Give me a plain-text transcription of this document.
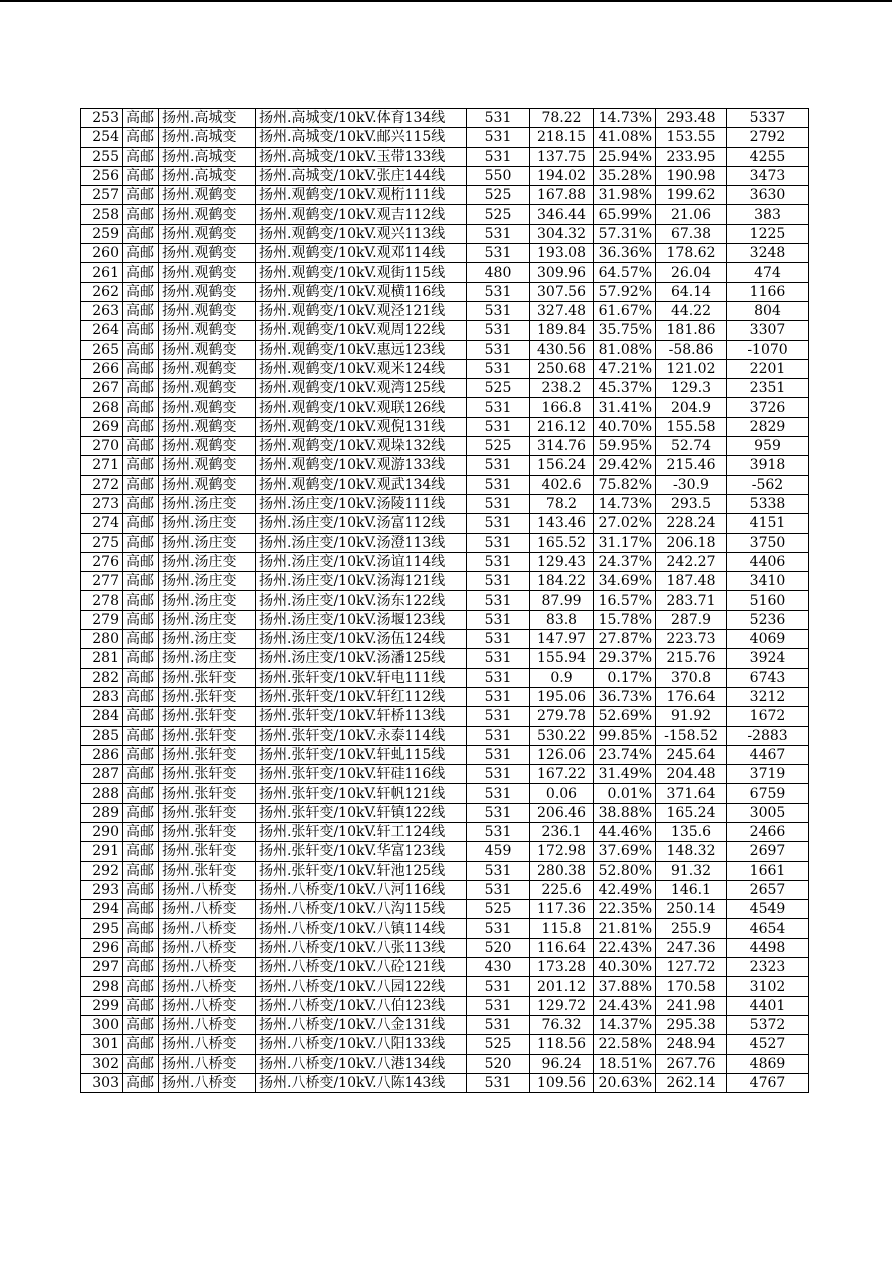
253	高邮	扬州.高城变	扬州.高城变/10kV.体育134线	531	78.22	14.73%	293.48	5337
254	高邮	扬州.高城变	扬州.高城变/10kV.邮兴115线	531	218.15	41.08%	153.55	2792
255	高邮	扬州.高城变	扬州.高城变/10kV.玉带133线	531	137.75	25.94%	233.95	4255
256	高邮	扬州.高城变	扬州.高城变/10kV.张庄144线	550	194.02	35.28%	190.98	3473
257	高邮	扬州.观鹤变	扬州.观鹤变/10kV.观桁111线	525	167.88	31.98%	199.62	3630
258	高邮	扬州.观鹤变	扬州.观鹤变/10kV.观吉112线	525	346.44	65.99%	21.06	383
259	高邮	扬州.观鹤变	扬州.观鹤变/10kV.观兴113线	531	304.32	57.31%	67.38	1225
260	高邮	扬州.观鹤变	扬州.观鹤变/10kV.观邓114线	531	193.08	36.36%	178.62	3248
261	高邮	扬州.观鹤变	扬州.观鹤变/10kV.观街115线	480	309.96	64.57%	26.04	474
262	高邮	扬州.观鹤变	扬州.观鹤变/10kV.观横116线	531	307.56	57.92%	64.14	1166
263	高邮	扬州.观鹤变	扬州.观鹤变/10kV.观泾121线	531	327.48	61.67%	44.22	804
264	高邮	扬州.观鹤变	扬州.观鹤变/10kV.观周122线	531	189.84	35.75%	181.86	3307
265	高邮	扬州.观鹤变	扬州.观鹤变/10kV.惠远123线	531	430.56	81.08%	-58.86	-1070
266	高邮	扬州.观鹤变	扬州.观鹤变/10kV.观米124线	531	250.68	47.21%	121.02	2201
267	高邮	扬州.观鹤变	扬州.观鹤变/10kV.观湾125线	525	238.2	45.37%	129.3	2351
268	高邮	扬州.观鹤变	扬州.观鹤变/10kV.观联126线	531	166.8	31.41%	204.9	3726
269	高邮	扬州.观鹤变	扬州.观鹤变/10kV.观倪131线	531	216.12	40.70%	155.58	2829
270	高邮	扬州.观鹤变	扬州.观鹤变/10kV.观垛132线	525	314.76	59.95%	52.74	959
271	高邮	扬州.观鹤变	扬州.观鹤变/10kV.观游133线	531	156.24	29.42%	215.46	3918
272	高邮	扬州.观鹤变	扬州.观鹤变/10kV.观武134线	531	402.6	75.82%	-30.9	-562
273	高邮	扬州.汤庄变	扬州.汤庄变/10kV.汤陵111线	531	78.2	14.73%	293.5	5338
274	高邮	扬州.汤庄变	扬州.汤庄变/10kV.汤富112线	531	143.46	27.02%	228.24	4151
275	高邮	扬州.汤庄变	扬州.汤庄变/10kV.汤澄113线	531	165.52	31.17%	206.18	3750
276	高邮	扬州.汤庄变	扬州.汤庄变/10kV.汤谊114线	531	129.43	24.37%	242.27	4406
277	高邮	扬州.汤庄变	扬州.汤庄变/10kV.汤海121线	531	184.22	34.69%	187.48	3410
278	高邮	扬州.汤庄变	扬州.汤庄变/10kV.汤东122线	531	87.99	16.57%	283.71	5160
279	高邮	扬州.汤庄变	扬州.汤庄变/10kV.汤堰123线	531	83.8	15.78%	287.9	5236
280	高邮	扬州.汤庄变	扬州.汤庄变/10kV.汤伍124线	531	147.97	27.87%	223.73	4069
281	高邮	扬州.汤庄变	扬州.汤庄变/10kV.汤潘125线	531	155.94	29.37%	215.76	3924
282	高邮	扬州.张轩变	扬州.张轩变/10kV.轩电111线	531	0.9	0.17%	370.8	6743
283	高邮	扬州.张轩变	扬州.张轩变/10kV.轩红112线	531	195.06	36.73%	176.64	3212
284	高邮	扬州.张轩变	扬州.张轩变/10kV.轩桥113线	531	279.78	52.69%	91.92	1672
285	高邮	扬州.张轩变	扬州.张轩变/10kV.永泰114线	531	530.22	99.85%	-158.52	-2883
286	高邮	扬州.张轩变	扬州.张轩变/10kV.轩虬115线	531	126.06	23.74%	245.64	4467
287	高邮	扬州.张轩变	扬州.张轩变/10kV.轩硅116线	531	167.22	31.49%	204.48	3719
288	高邮	扬州.张轩变	扬州.张轩变/10kV.轩帆121线	531	0.06	0.01%	371.64	6759
289	高邮	扬州.张轩变	扬州.张轩变/10kV.轩镇122线	531	206.46	38.88%	165.24	3005
290	高邮	扬州.张轩变	扬州.张轩变/10kV.轩工124线	531	236.1	44.46%	135.6	2466
291	高邮	扬州.张轩变	扬州.张轩变/10kV.华富123线	459	172.98	37.69%	148.32	2697
292	高邮	扬州.张轩变	扬州.张轩变/10kV.轩池125线	531	280.38	52.80%	91.32	1661
293	高邮	扬州.八桥变	扬州.八桥变/10kV.八河116线	531	225.6	42.49%	146.1	2657
294	高邮	扬州.八桥变	扬州.八桥变/10kV.八沟115线	525	117.36	22.35%	250.14	4549
295	高邮	扬州.八桥变	扬州.八桥变/10kV.八镇114线	531	115.8	21.81%	255.9	4654
296	高邮	扬州.八桥变	扬州.八桥变/10kV.八张113线	520	116.64	22.43%	247.36	4498
297	高邮	扬州.八桥变	扬州.八桥变/10kV.八砼121线	430	173.28	40.30%	127.72	2323
298	高邮	扬州.八桥变	扬州.八桥变/10kV.八园122线	531	201.12	37.88%	170.58	3102
299	高邮	扬州.八桥变	扬州.八桥变/10kV.八伯123线	531	129.72	24.43%	241.98	4401
300	高邮	扬州.八桥变	扬州.八桥变/10kV.八金131线	531	76.32	14.37%	295.38	5372
301	高邮	扬州.八桥变	扬州.八桥变/10kV.八阳133线	525	118.56	22.58%	248.94	4527
302	高邮	扬州.八桥变	扬州.八桥变/10kV.八港134线	520	96.24	18.51%	267.76	4869
303	高邮	扬州.八桥变	扬州.八桥变/10kV.八陈143线	531	109.56	20.63%	262.14	4767
